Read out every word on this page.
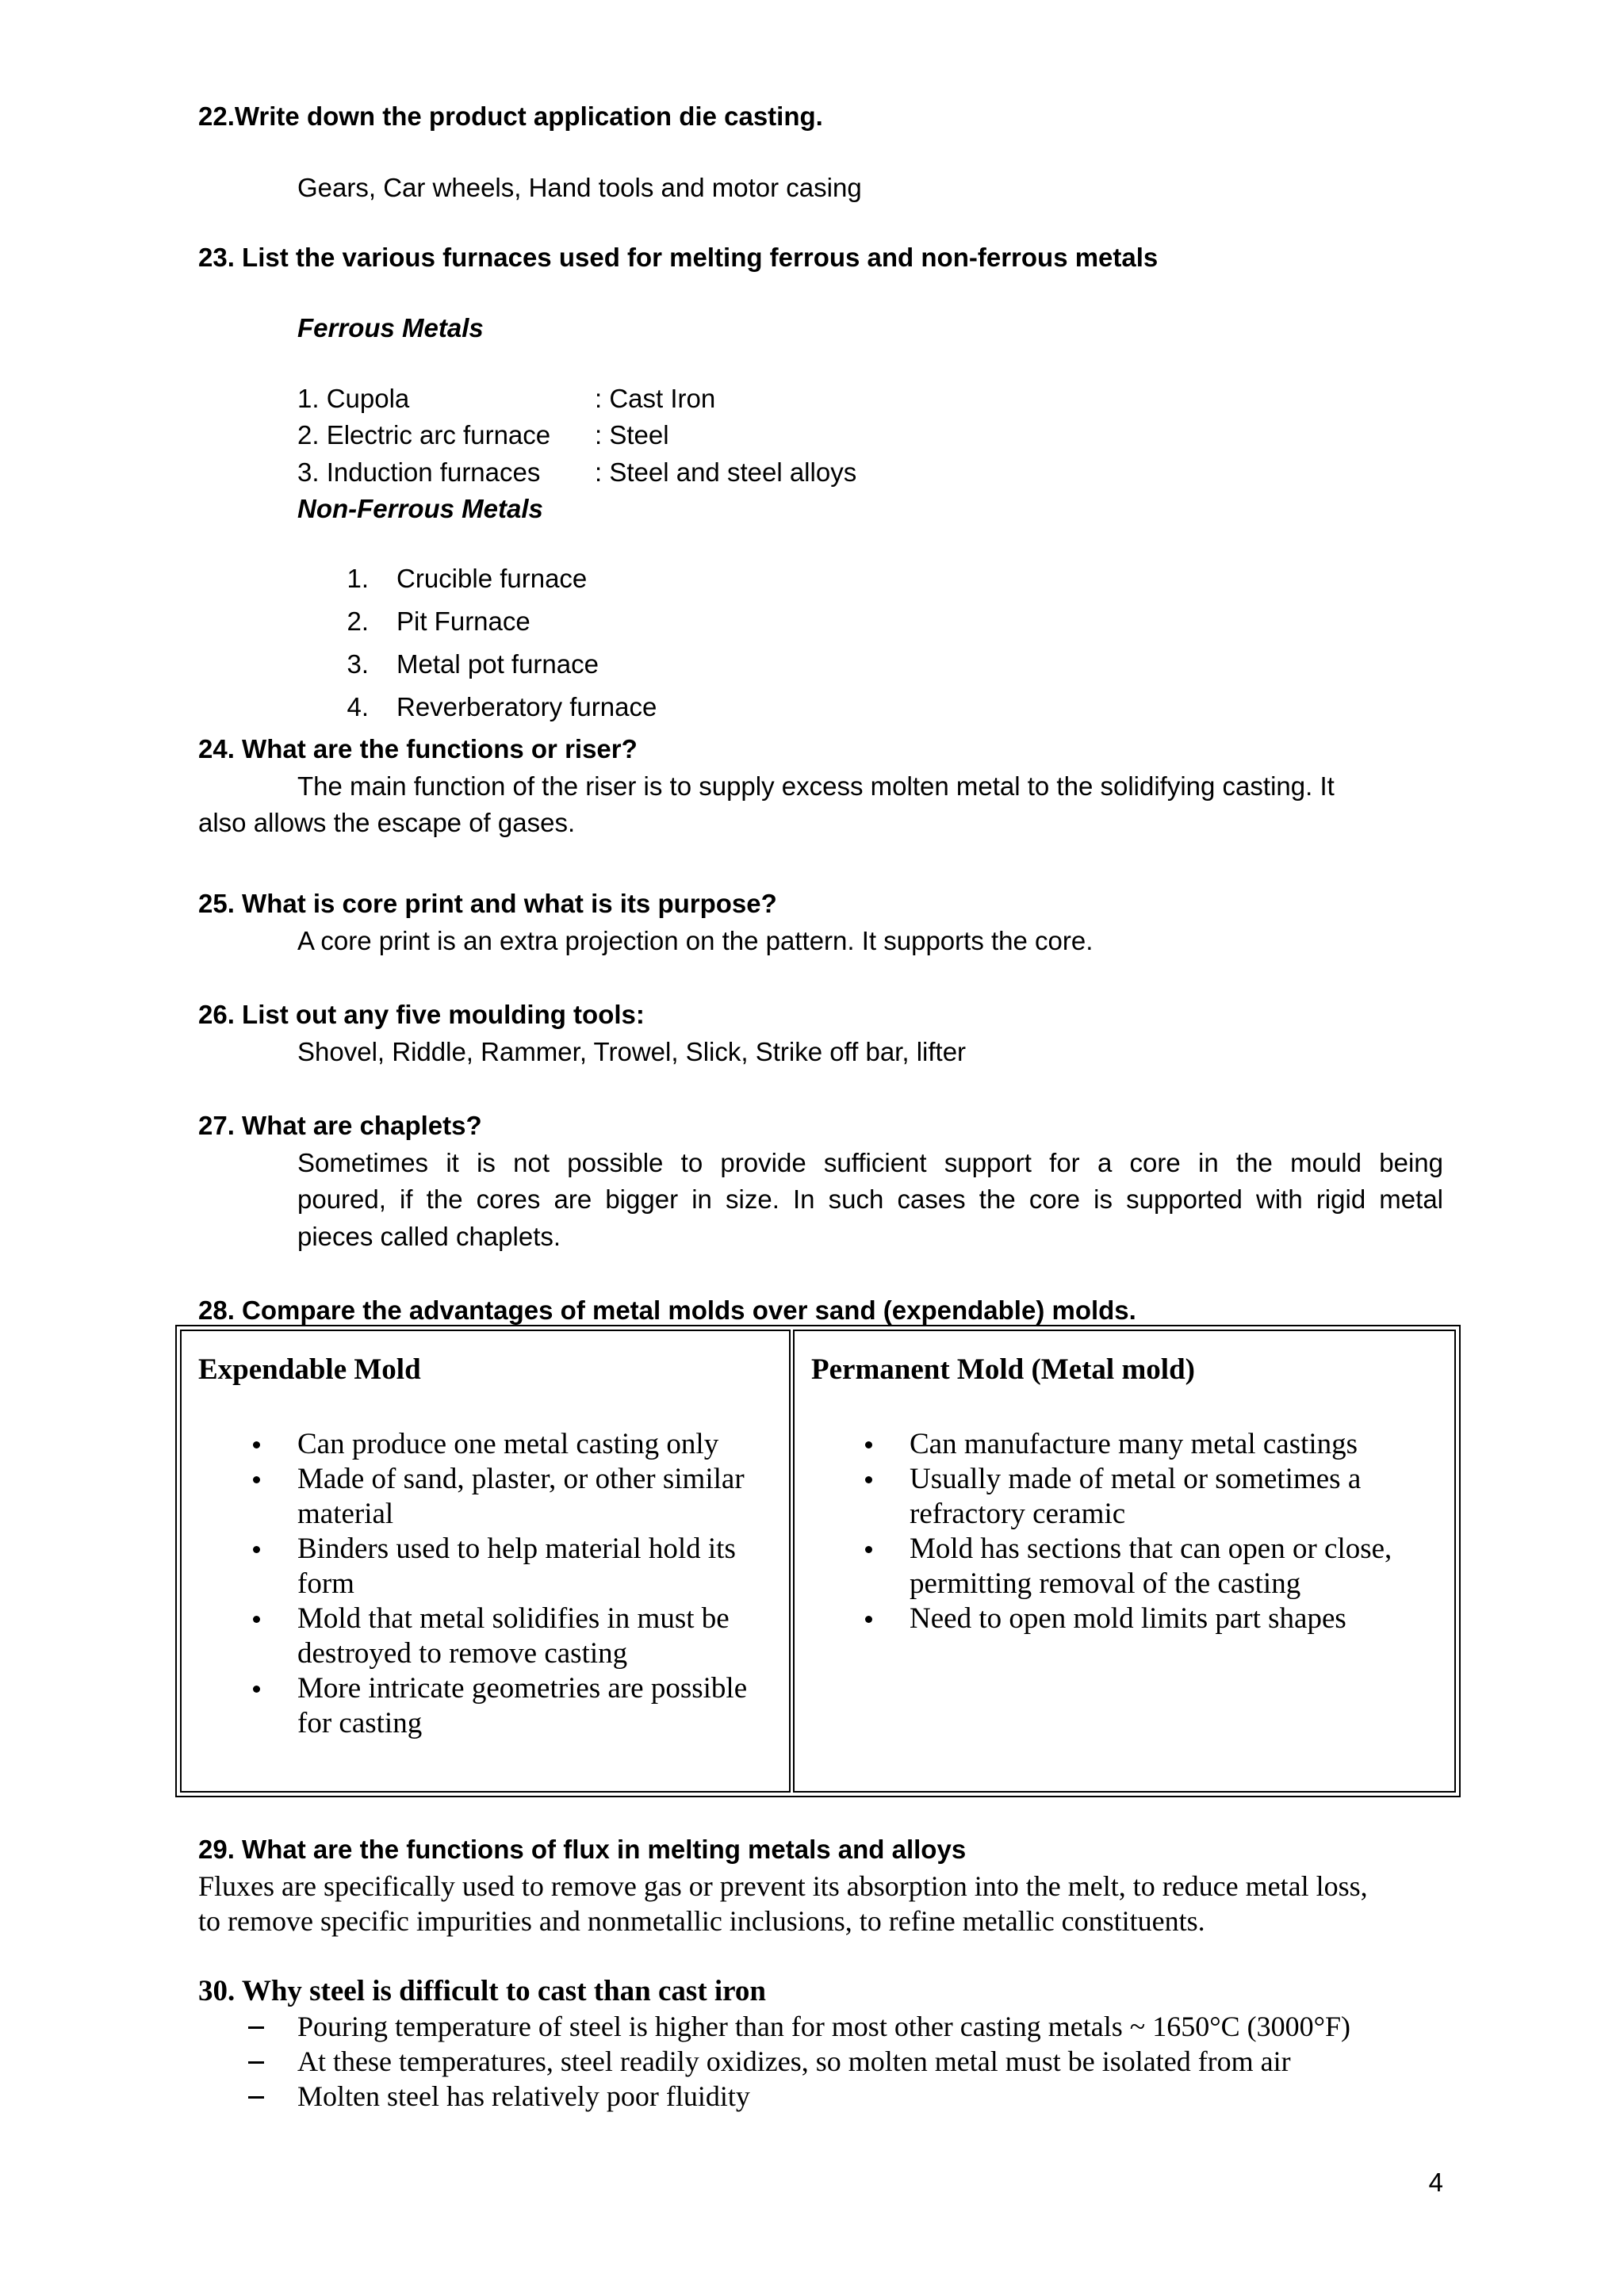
22.Write down the product application die casting.
Gears, Car wheels, Hand tools and motor casing
23. List the various furnaces used for melting ferrous and non-ferrous metals
Ferrous Metals
1. Cupola	: Cast Iron
2. Electric arc furnace : Steel
3. Induction furnaces : Steel and steel alloys
Non-Ferrous Metals
1. Crucible furnace
2. Pit Furnace
3. Metal pot furnace
4. Reverberatory furnace
24. What are the functions or riser?
The main function of the riser is to supply excess molten metal to the solidifying casting. It
also allows the escape of gases.
25. What is core print and what is its purpose?
A core print is an extra projection on the pattern. It supports the core.
26. List out any five moulding tools:
Shovel, Riddle, Rammer, Trowel, Slick, Strike off bar, lifter
27. What are chaplets?
Sometimes it is not possible to provide sufficient support for a core in the mould being
poured, if the cores are bigger in size. In such cases the core is supported with rigid metal
pieces called chaplets.
28. Compare the advantages of metal molds over sand (expendable) molds.
Expendable Mold
Can produce one metal casting only
Made of sand, plaster, or other similar
material
Binders used to help material hold its
form
Mold that metal solidifies in must be
destroyed to remove casting
More intricate geometries are possible
for casting
Permanent Mold (Metal mold)
Can manufacture many metal castings
Usually made of metal or sometimes a
refractory ceramic
Mold has sections that can open or close,
permitting removal of the casting
Need to open mold limits part shapes
29. What are the functions of flux in melting metals and alloys
Fluxes are specifically used to remove gas or prevent its absorption into the melt, to reduce metal loss,
to remove specific impurities and nonmetallic inclusions, to refine metallic constituents.
30. Why steel is difficult to cast than cast iron
Pouring temperature of steel is higher than for most other casting metals ~ 1650°C (3000°F)
At these temperatures, steel readily oxidizes, so molten metal must be isolated from air
Molten steel has relatively poor fluidity
4
